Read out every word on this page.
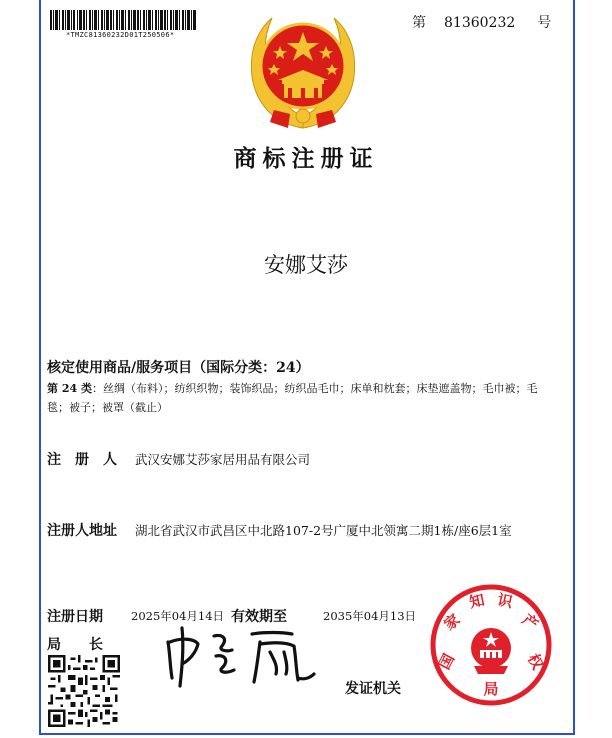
*TMZC81360232D01T250506*
第 81360232 号
商标注册证
安娜艾莎
核定使用商品/服务项目（国际分类：24）
第 24 类：丝绸（布料）；纺织织物；装饰织品；纺织品毛巾；床单和枕套；床垫遮盖物；毛巾被；毛毯；被子；被罩（截止）
注　册　人 武汉安娜艾莎家居用品有限公司
注册人地址 湖北省武汉市武昌区中北路107-2号广厦中北领寓二期1栋/座6层1室
注册日期 2025年04月14日 有效期至	2035年04月13日
局　　长
发证机关
国
家
知 识
产
权
局
